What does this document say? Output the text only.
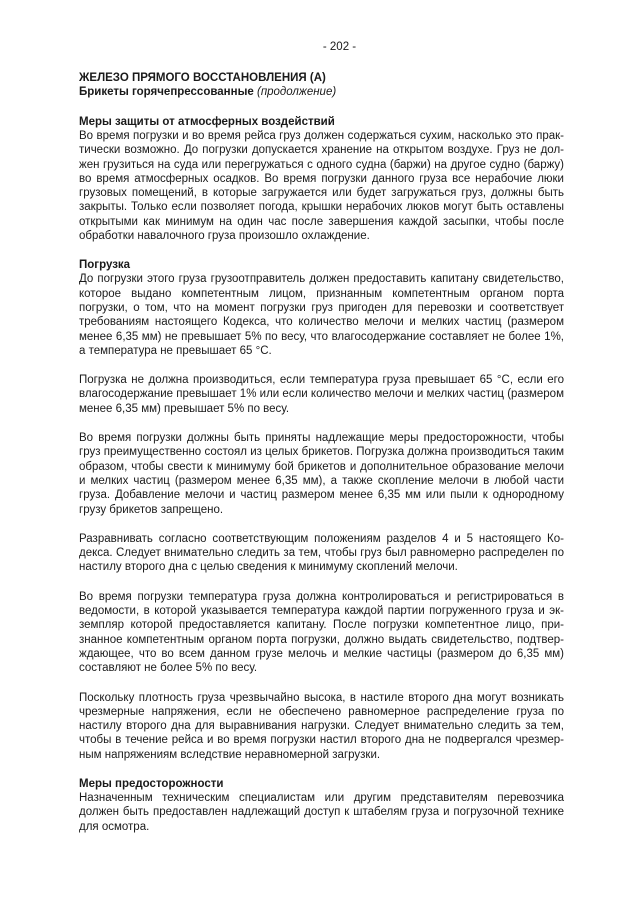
- 202 -
ЖЕЛЕЗО ПРЯМОГО ВОССТАНОВЛЕНИЯ (А)
Брикеты горячепрессованные (продолжение)
Меры защиты от атмосферных воздействий

Во время погрузки и во время рейса груз должен содержаться сухим, насколько это практически возможно. До погрузки допускается хранение на открытом воздухе. Груз не должен грузиться на суда или перегружаться с одного судна (баржи) на другое судно (баржу) во время атмосферных осадков. Во время погрузки данного груза все нерабочие люки грузовых помещений, в которые загружается или будет загружаться груз, должны быть закрыты. Только если позволяет погода, крышки нерабочих люков могут быть оставлены открытыми как минимум на один час после завершения каждой засыпки, чтобы после обработки навалочного груза произошло охлаждение.

Погрузка

До погрузки этого груза грузоотправитель должен предоставить капитану свидетельство, которое выдано компетентным лицом, признанным компетентным органом порта погрузки, о том, что на момент погрузки груз пригоден для перевозки и соответствует требованиям настоящего Кодекса, что количество мелочи и мелких частиц (размером менее 6,35 мм) не превышает 5% по весу, что влагосодержание составляет не более 1%, а температура не превышает 65 °C.

Погрузка не должна производиться, если температура груза превышает 65 °C, если его влагосодержание превышает 1% или если количество мелочи и мелких частиц (размером менее 6,35 мм) превышает 5% по весу.

Во время погрузки должны быть приняты надлежащие меры предосторожности, чтобы груз преимущественно состоял из целых брикетов. Погрузка должна производиться таким образом, чтобы свести к минимуму бой брикетов и дополнительное образование мелочи и мелких частиц (размером менее 6,35 мм), а также скопление мелочи в любой части груза. Добавление мелочи и частиц размером менее 6,35 мм или пыли к однородному грузу брикетов запрещено.

Разравнивать согласно соответствующим положениям разделов 4 и 5 настоящего Кодекса. Следует внимательно следить за тем, чтобы груз был равномерно распределен по настилу второго дна с целью сведения к минимуму скоплений мелочи.

Во время погрузки температура груза должна контролироваться и регистрироваться в ведомости, в которой указывается температура каждой партии погруженного груза и экземпляр которой предоставляется капитану. После погрузки компетентное лицо, признанное компетентным органом порта погрузки, должно выдать свидетельство, подтверждающее, что во всем данном грузе мелочь и мелкие частицы (размером до 6,35 мм) составляют не более 5% по весу.

Поскольку плотность груза чрезвычайно высока, в настиле второго дна могут возникать чрезмерные напряжения, если не обеспечено равномерное распределение груза по настилу второго дна для выравнивания нагрузки. Следует внимательно следить за тем, чтобы в течение рейса и во время погрузки настил второго дна не подвергался чрезмерным напряжениям вследствие неравномерной загрузки.

Меры предосторожности

Назначенным техническим специалистам или другим представителям перевозчика должен быть предоставлен надлежащий доступ к штабелям груза и погрузочной технике для осмотра.
